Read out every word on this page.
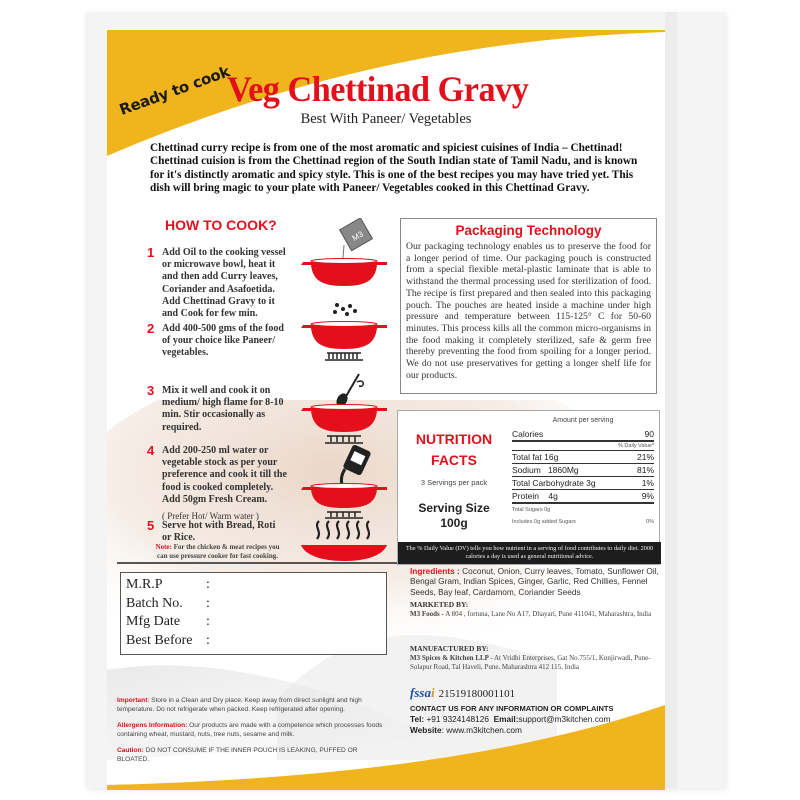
Ready to cook
Veg Chettinad Gravy
Best With Paneer/ Vegetables
Chettinad curry recipe is from one of the most aromatic and spiciest cuisines of India – Chettinad! Chettinad cuision is from the Chettinad region of the South Indian state of Tamil Nadu, and is known for it's distinctly aromatic and spicy style. This is one of the best recipes you may have tried yet. This dish will bring magic to your plate with Paneer/ Vegetables cooked in this Chettinad Gravy.
HOW TO COOK?
1 Add Oil to the cooking vessel or microwave bowl, heat it and then add Curry leaves, Coriander and Asafoetida. Add Chettinad Gravy to it and Cook for few min.
2 Add 400-500 gms of the food of your choice like Paneer/ vegetables.
3 Mix it well and cook it on medium/ high flame for 8-10 min. Stir occasionally as required.
4 Add 200-250 ml water or vegetable stock as per your preference and cook it till the food is cooked completely. Add 50gm Fresh Cream.
( Prefer Hot/ Warm water )
5 Serve hot with Bread, Roti or Rice.
Note: For the chicken & meat recipes you can use pressure cooker for fast cooking.
M3	Packaging Technology
Our packaging technology enables us to preserve the food for a longer period of time. Our packaging pouch is constructed from a special flexible metal-plastic laminate that is able to withstand the thermal processing used for sterilization of food. The recipe is first prepared and then sealed into this packaging pouch. The pouches are heated inside a machine under high pressure and temperature between 115-125° C for 50-60 minutes. This process kills all the common micro-organisms in the food making it completely sterilized, safe & germ free thereby preventing the food from spoiling for a longer period. We do not use preservatives for getting a longer shelf life for our products.
NUTRITION
FACTS
3 Servings per pack
Serving Size
100g
Amount per serving
Calories	90
% Daily Value*
Total fat 16g	21%
Sodium   1860Mg	81%
Total Carbohydrate 3g	1%
Protein    4g	9%
Total Sugars 0g
Includes 0g added Sugars	0%
The % Daily Value (DV) tells you how nutrient in a serving of food contributes to daily diet. 2000 calories a day is used as general nutritional advice.
M.R.P	:
Batch No.	:
Mfg Date	:
Best Before :
Ingredients : Coconut, Onion, Curry leaves, Tomato, Sunflower Oil, Bengal Gram, Indian Spices, Ginger, Garlic, Red Chillies, Fennel Seeds, Bay leaf, Cardamom, Coriander Seeds
MARKETED BY:
M3 Foods - A 804 , fortuna, Lane No A17, Dhayari, Pune 411041, Maharashtra, India
MANUFACTURED BY:
M3 Spices & Kitchen LLP - At Vridhi Enterprises, Gat No.755/1, Kunjirwadi, Pune- Solapur Road, Tal Haveli, Pune, Maharashtra 412 115, India
fssai 21519180001101
CONTACT US FOR ANY INFORMATION OR COMPLAINTS
Tel: +91 9324148126  Email:support@m3kitchen.com
Website: www.m3kitchen.com

Important: Store in a Clean and Dry place. Keep away from direct sunlight and high temperature. Do not refrigerate when packed. Keep refrigerated after opening.

Allergens Information: Our products are made with a competence which processes foods containing wheat, mustard, nuts, tree nuts, sesame and milk.

Caution: DO NOT CONSUME IF THE INNER POUCH IS LEAKING, PUFFED OR BLOATED.
